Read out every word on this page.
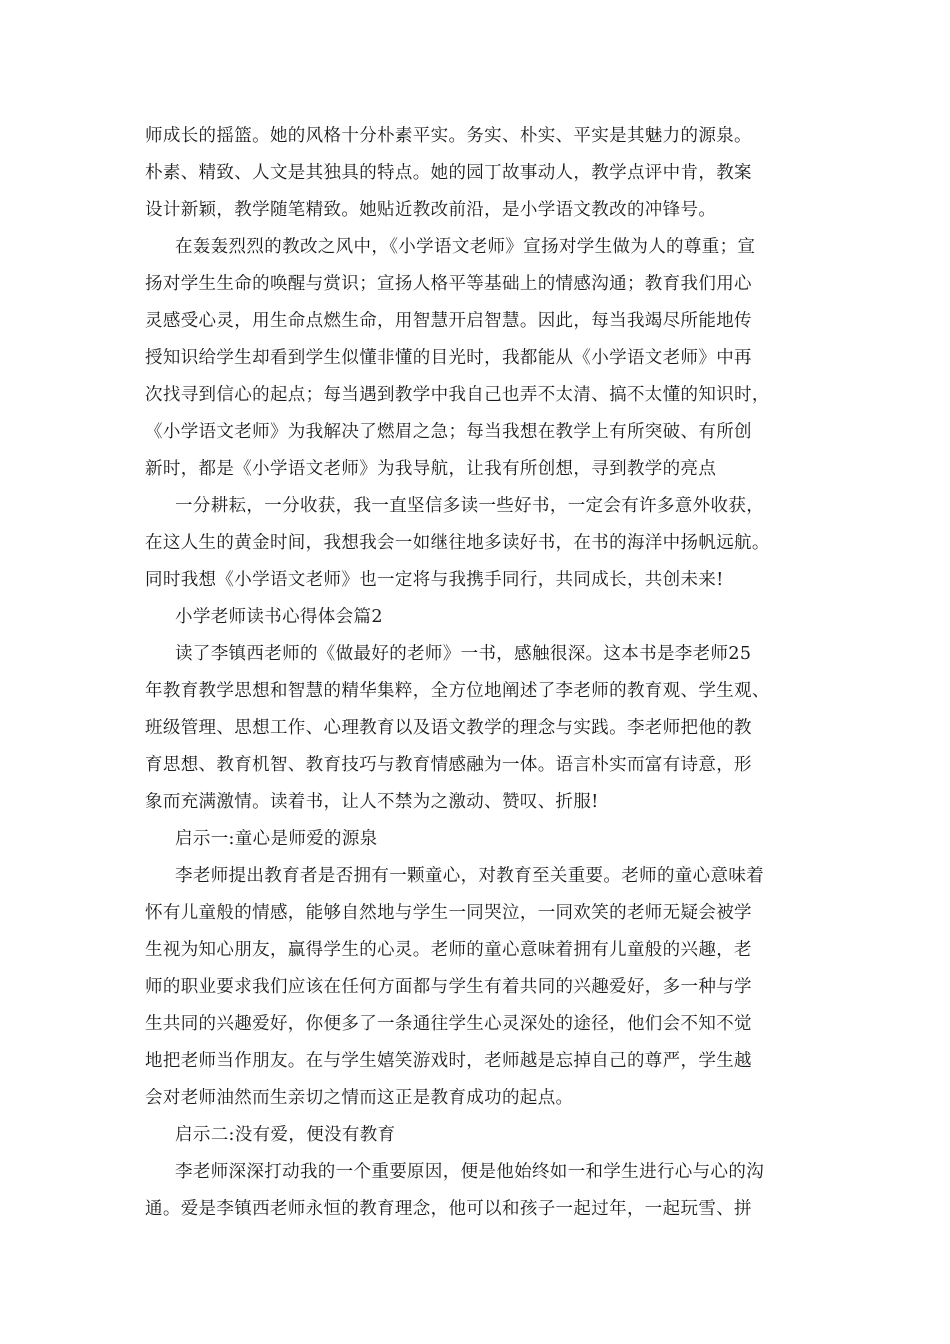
师成长的摇篮。她的风格十分朴素平实。务实、朴实、平实是其魅力的源泉。
朴素、精致、人文是其独具的特点。她的园丁故事动人，教学点评中肯，教案
设计新颖，教学随笔精致。她贴近教改前沿，是小学语文教改的冲锋号。
在轰轰烈烈的教改之风中，《小学语文老师》宣扬对学生做为人的尊重；宣
扬对学生生命的唤醒与赏识；宣扬人格平等基础上的情感沟通；教育我们用心
灵感受心灵，用生命点燃生命，用智慧开启智慧。因此，每当我竭尽所能地传
授知识给学生却看到学生似懂非懂的目光时，我都能从《小学语文老师》中再
次找寻到信心的起点；每当遇到教学中我自己也弄不太清、搞不太懂的知识时，
《小学语文老师》为我解决了燃眉之急；每当我想在教学上有所突破、有所创
新时，都是《小学语文老师》为我导航，让我有所创想，寻到教学的亮点
一分耕耘，一分收获，我一直坚信多读一些好书，一定会有许多意外收获，
在这人生的黄金时间，我想我会一如继往地多读好书，在书的海洋中扬帆远航。
同时我想《小学语文老师》也一定将与我携手同行，共同成长，共创未来!
小学老师读书心得体会篇2
读了李镇西老师的《做最好的老师》一书，感触很深。这本书是李老师25
年教育教学思想和智慧的精华集粹，全方位地阐述了李老师的教育观、学生观、
班级管理、思想工作、心理教育以及语文教学的理念与实践。李老师把他的教
育思想、教育机智、教育技巧与教育情感融为一体。语言朴实而富有诗意，形
象而充满激情。读着书，让人不禁为之激动、赞叹、折服!
启示一:童心是师爱的源泉
李老师提出教育者是否拥有一颗童心，对教育至关重要。老师的童心意味着
怀有儿童般的情感，能够自然地与学生一同哭泣，一同欢笑的老师无疑会被学
生视为知心朋友，赢得学生的心灵。老师的童心意味着拥有儿童般的兴趣，老
师的职业要求我们应该在任何方面都与学生有着共同的兴趣爱好，多一种与学
生共同的兴趣爱好，你便多了一条通往学生心灵深处的途径，他们会不知不觉
地把老师当作朋友。在与学生嬉笑游戏时，老师越是忘掉自己的尊严，学生越
会对老师油然而生亲切之情而这正是教育成功的起点。
启示二:没有爱，便没有教育
李老师深深打动我的一个重要原因，便是他始终如一和学生进行心与心的沟
通。爱是李镇西老师永恒的教育理念，他可以和孩子一起过年，一起玩雪、拼
